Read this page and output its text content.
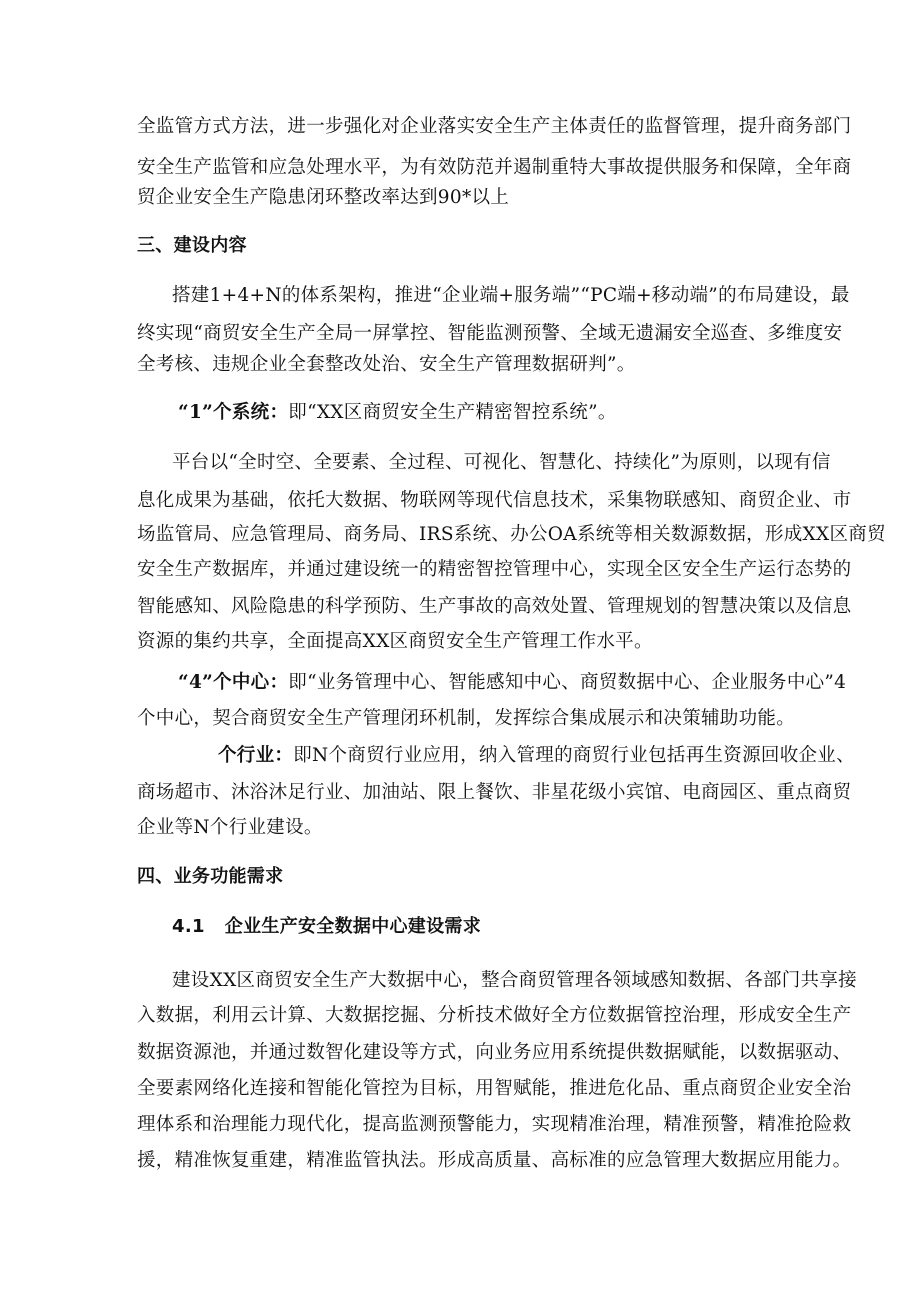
全监管方式方法，进一步强化对企业落实安全生产主体责任的监督管理，提升商务部门

安全生产监管和应急处理水平，为有效防范并遏制重特大事故提供服务和保障，全年商

贸企业安全生产隐患闭环整改率达到90*以上

三、建设内容

搭建1+4+N的体系架构，推进“企业端+服务端”“PC端+移动端”的布局建设，最

终实现“商贸安全生产全局一屏掌控、智能监测预警、全域无遗漏安全巡查、多维度安

全考核、违规企业全套整改处治、安全生产管理数据研判”。

“1”个系统：即“XX区商贸安全生产精密智控系统”。

平台以“全时空、全要素、全过程、可视化、智慧化、持续化”为原则，以现有信

息化成果为基础，依托大数据、物联网等现代信息技术，采集物联感知、商贸企业、市

场监管局、应急管理局、商务局、IRS系统、办公OA系统等相关数源数据，形成XX区商贸

安全生产数据库，并通过建设统一的精密智控管理中心，实现全区安全生产运行态势的

智能感知、风险隐患的科学预防、生产事故的高效处置、管理规划的智慧决策以及信息

资源的集约共享，全面提高XX区商贸安全生产管理工作水平。

“4”个中心：即“业务管理中心、智能感知中心、商贸数据中心、企业服务中心”4

个中心，契合商贸安全生产管理闭环机制，发挥综合集成展示和决策辅助功能。

个行业：即N个商贸行业应用，纳入管理的商贸行业包括再生资源回收企业、

商场超市、沐浴沐足行业、加油站、限上餐饮、非星花级小宾馆、电商园区、重点商贸

企业等N个行业建设。

四、业务功能需求

4.1 企业生产安全数据中心建设需求

建设XX区商贸安全生产大数据中心，整合商贸管理各领域感知数据、各部门共享接

入数据，利用云计算、大数据挖掘、分析技术做好全方位数据管控治理，形成安全生产

数据资源池，并通过数智化建设等方式，向业务应用系统提供数据赋能，以数据驱动、

全要素网络化连接和智能化管控为目标，用智赋能，推进危化品、重点商贸企业安全治

理体系和治理能力现代化，提高监测预警能力，实现精准治理，精准预警，精准抢险救

援，精准恢复重建，精准监管执法。形成高质量、高标准的应急管理大数据应用能力。
